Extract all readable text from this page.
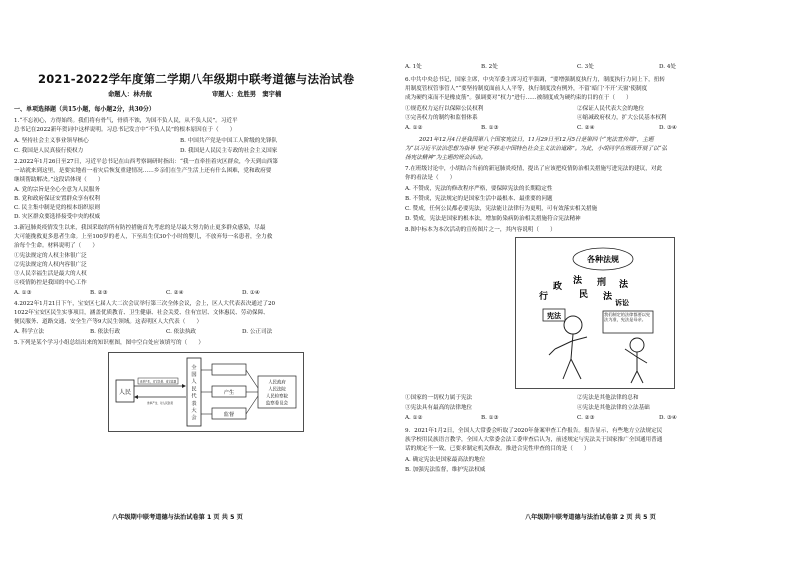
2021-2022学年度第二学期八年级期中联考道德与法治试卷
命题人：林舟航	审题人：危胜男　窦宇楠
一、单项选择题（共15小题，每小题2分，共30分）
1.“不忘初心，方得始终。我们将有骨气，骨质不蚀，为国不负人民，从不负人民”。习近平
总书记在2022新年贺词中这样说明。习总书记发言中“不负人民”的根本原因在于（　　）
A. 坚持社会主义事业领导核心	B. 中国共产党是中国工人阶级的先锋队
C. 我国是人民真接行使权力	D. 我国是人民民主专政的社会主义国家
2.2022年1月26日至27日，习近平总书记在山西考察调研时指出：“我一直牵挂着灾区群众，今天到山西第
一站就来到这里，是要实地看一看灾后恢复重建情况……乡亲们在生产生活上还有什么困难，党和政府要
继续帮助解决。”这段话体现（　　）
A. 党的宗旨是全心全意为人民服务
B. 党和政府保证安置群众享有权利
C. 民主集中制是党的根本组织原则
D. 灾区群众要选择接受中央的权威
3.新冠肺炎疫情发生以来，我国采取的所有防控措施首先考虑的是尽最大努力防止更多群众感染，尽最
大可能挽救更多患者生命。上至100岁的老人，下至出生仅30个小时的婴儿，不放弃每一名患者，全力救
治每个生命。材料说明了（　　）
①宪法规定的人权主体很广泛
②宪法规定的人权内容很广泛
③人民幸福生活是最大的人权
④疫情防控是我国的中心工作
A. ①③	B. ②③	C. ②④	D. ①④
4.2022年1月21日下午，宝安区七届人大二次会议举行第三次全体会议，会上，区人大代表表决通过了20
1022年宝安区民生实事项目，涵盖优质教育、卫生健康、社会关爱、住有宜居、文体惠民、劳动保障、
便民服务、道路交通、安全生产等9大民生领域。这表明区人大代表（　　）
A. 科学立法	B. 依法行政	C. 依法执政	D. 公正司法
5.下列是某个学习小组总结出来的知识框图，图中空白处应该填写的（　　）
人民
选举产生，对它负责、受它监督
选举产生、对人民负责
全国人民代表大会
产生
监督
人民政府
人民法院
人民检察院
监察委员会
八年级期中联考道德与法治试卷第 1 页 共 5 页
A. 1处	B. 2处	C. 3处	D. 4处
6.中共中央总书记，国家主席，中央军委主席习近平强调，“要增强制度执行力，制度执行力同上下，扭转
用制度管权管事管人”“要坚持制度面前人人平等，执行制度没有例外，不留‘暗门’不开‘天窗’使制度
成为硬约束而不是橡皮筋”。强调要对“权力”进行……被制度成为硬约束的目的在于（　　）
①规范权力运行以保障公民权利	②保证人民代表大会的地位
③完善权力的制约和监督体系	④缩减政府权力，扩大公民基本权利
A. ①②	B. ①③	C. ②④	D. ③④
2021年12月4日是我国第八个国家宪法日，11月29日至12月5日是第四个“宪法宣传周”，主题
为“以习近平法治思想为指导 坚定不移走中国特色社会主义法治道路”。为此，小胡同学在班级开展了以“弘
扬宪法精神”为主题的班会活动。
7.在班级讨论中，小胡结合当前的新冠肺炎疫情，提出了应该把疫情防治相关措施写进宪法的建议，对此
你的看法是（　　）
A. 不赞成，宪法的修改程序严格，要保障宪法的长期稳定性
B. 不赞成，宪法规定的是国家生活中最根本、最重要的问题
C. 赞成，任何公民都必要宪法，宪法能让法律行为更明，可有效落实相关措施
D. 赞成，宪法是国家的根本法，增加防染病防治相关措施符合宪法精神
8.图中标本为本次活动的宣传图片之一，其内容说明（　　）
各种法规
行
政
法
民
刑
法
法
诉讼
宪法	我们制定的法律都要以宪法为准，宪法是母亲。
①国家的一切权力属于宪法	②宪法是其他法律的总和
③宪法具有最高的法律地位	④宪法是其他法律的立法基础
A. ①②	B. ①③	C. ②③	D. ③④
9．2021年1月2日，全国人大常委会听取了2020年备案审查工作报告。报告显示，有些地方立法规定民
族学校用民族语言教学，全国人大常委会法工委审查后认为，前述规定与宪法关于国家推广全国通用普通
话的规定不一致，已要求制定机关修改。推进合宪性审查的目的是（　　）
A. 确定宪法是国家最高法的地位
B. 加强宪法监督，维护宪法权威
八年级期中联考道德与法治试卷第 2 页 共 5 页
